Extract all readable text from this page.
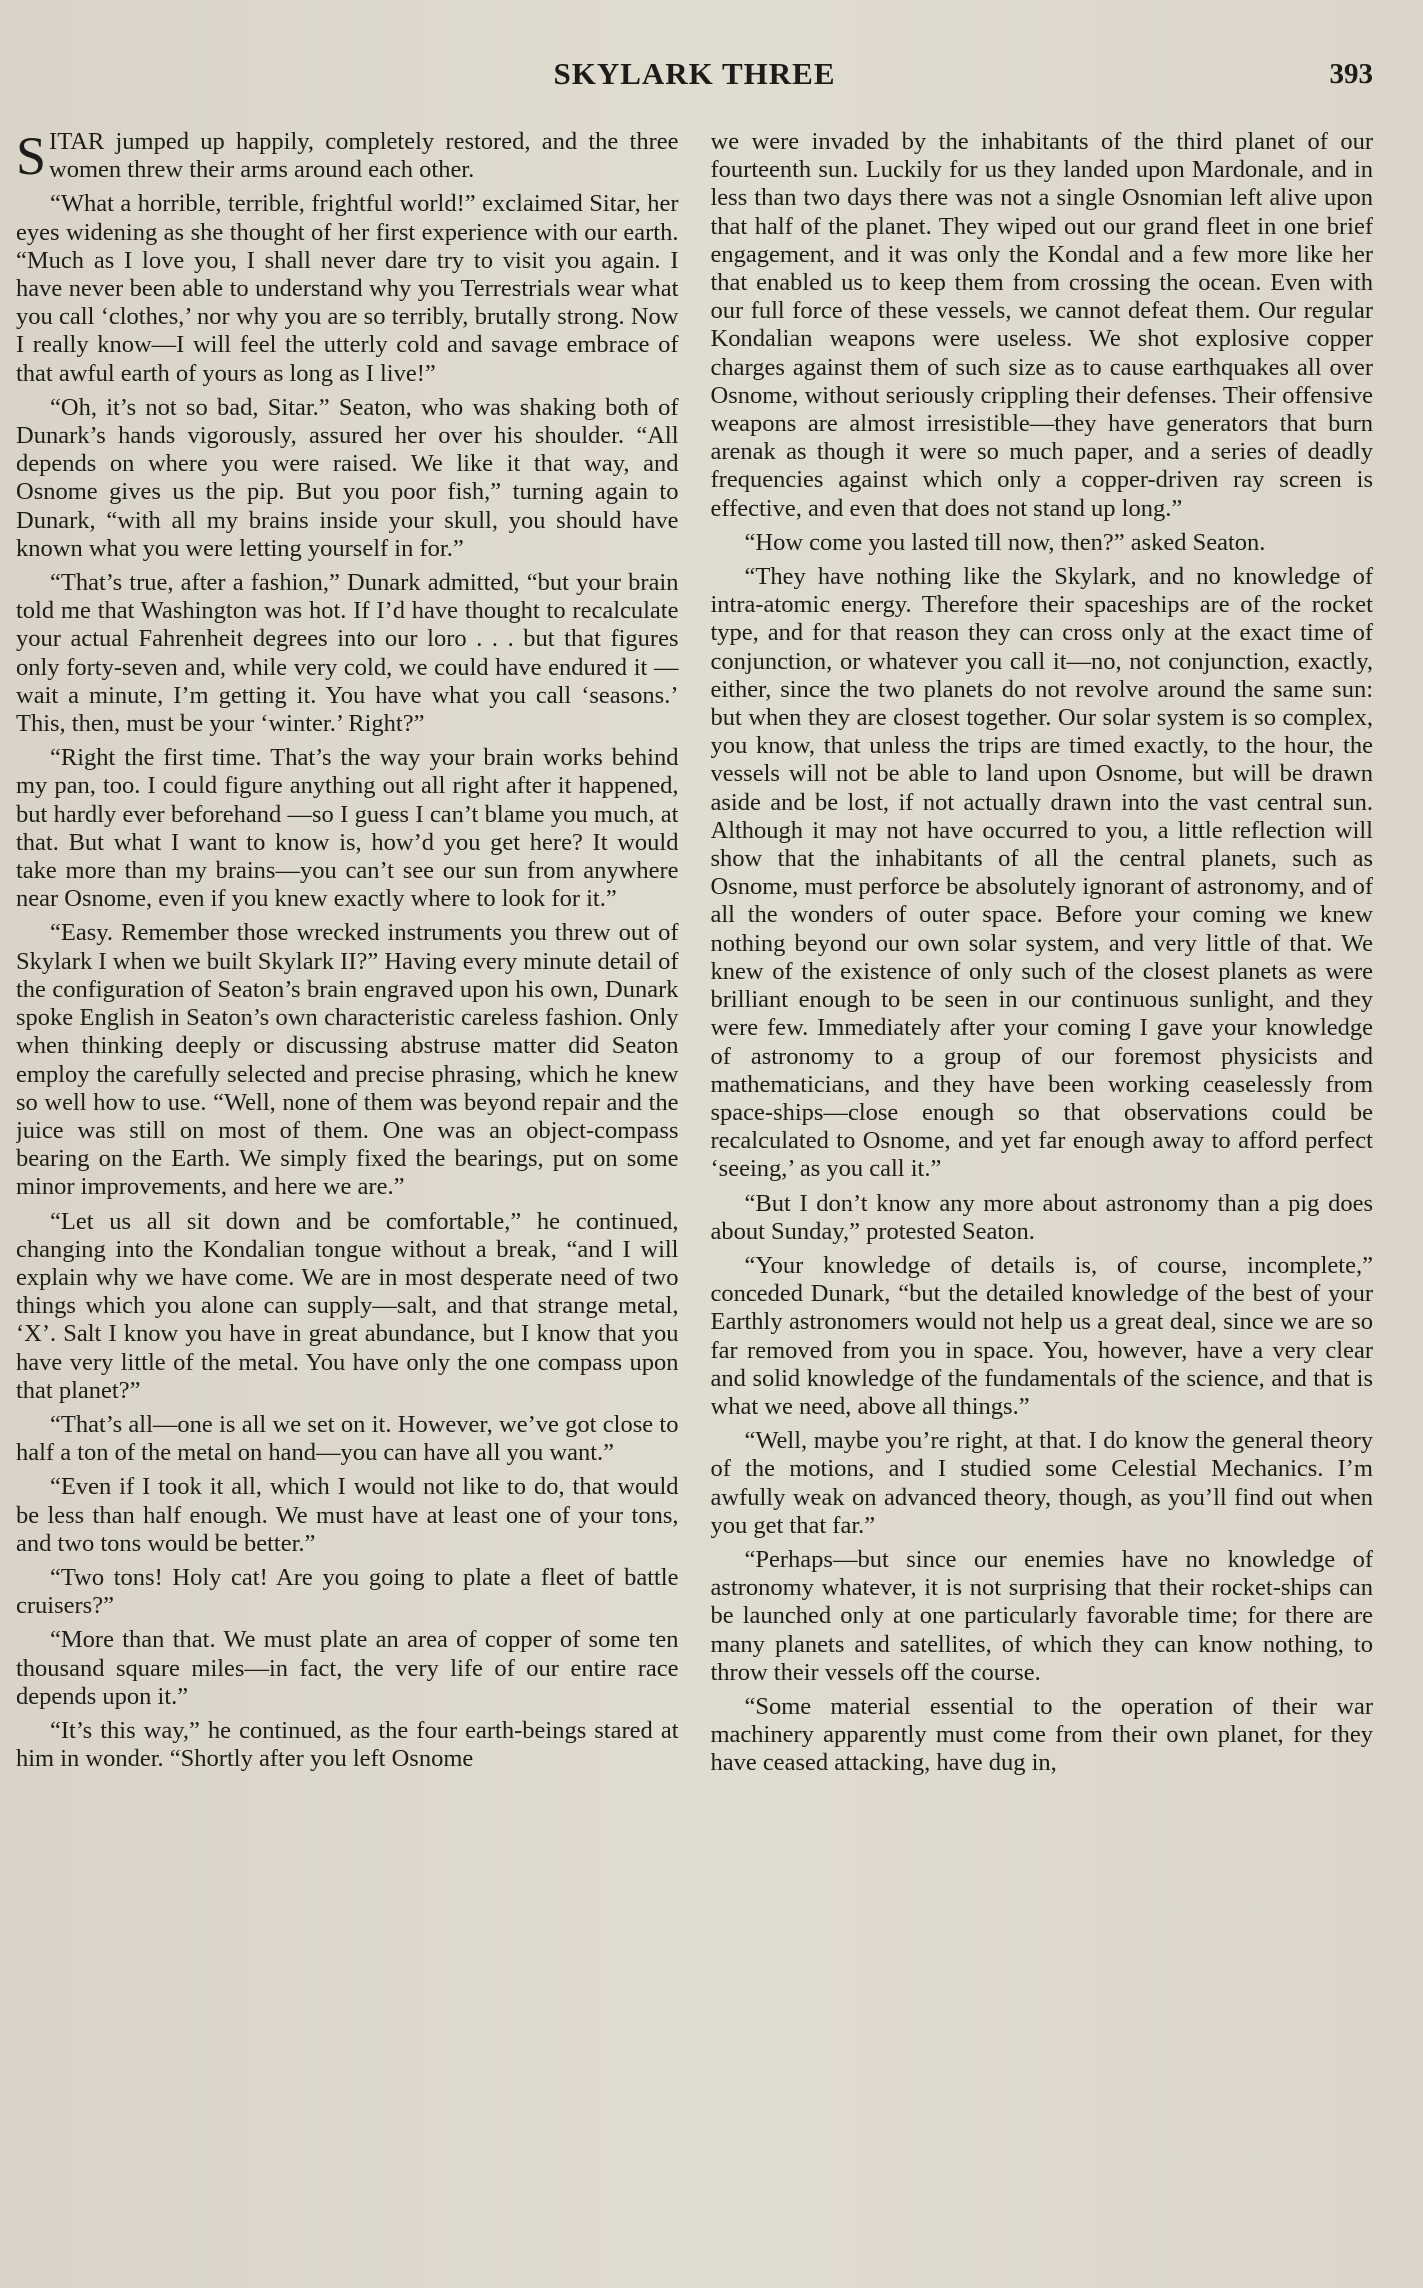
SKYLARK THREE	393

SITAR jumped up happily, completely restored, and the three women threw their arms around each other.

“What a horrible, terrible, frightful world!” exclaimed Sitar, her eyes widening as she thought of her first experience with our earth. “Much as I love you, I shall never dare try to visit you again. I have never been able to understand why you Terrestrials wear what you call ‘clothes,’ nor why you are so terribly, brutally strong. Now I really know—I will feel the utterly cold and savage embrace of that awful earth of yours as long as I live!”

“Oh, it’s not so bad, Sitar.” Seaton, who was shaking both of Dunark’s hands vigorously, assured her over his shoulder. “All depends on where you were raised. We like it that way, and Osnome gives us the pip. But you poor fish,” turning again to Dunark, “with all my brains inside your skull, you should have known what you were letting yourself in for.”

“That’s true, after a fashion,” Dunark admitted, “but your brain told me that Washington was hot. If I’d have thought to recalculate your actual Fahrenheit degrees into our loro . . . but that figures only forty-seven and, while very cold, we could have endured it —wait a minute, I’m getting it. You have what you call ‘seasons.’ This, then, must be your ‘winter.’ Right?”

“Right the first time. That’s the way your brain works behind my pan, too. I could figure anything out all right after it happened, but hardly ever beforehand —so I guess I can’t blame you much, at that. But what I want to know is, how’d you get here? It would take more than my brains—you can’t see our sun from anywhere near Osnome, even if you knew exactly where to look for it.”

“Easy. Remember those wrecked instruments you threw out of Skylark I when we built Skylark II?” Having every minute detail of the configuration of Seaton’s brain engraved upon his own, Dunark spoke English in Seaton’s own characteristic careless fashion. Only when thinking deeply or discussing abstruse matter did Seaton employ the carefully selected and precise phrasing, which he knew so well how to use. “Well, none of them was beyond repair and the juice was still on most of them. One was an object-compass bearing on the Earth. We simply fixed the bearings, put on some minor improvements, and here we are.”

“Let us all sit down and be comfortable,” he continued, changing into the Kondalian tongue without a break, “and I will explain why we have come. We are in most desperate need of two things which you alone can supply—salt, and that strange metal, ‘X’. Salt I know you have in great abundance, but I know that you have very little of the metal. You have only the one compass upon that planet?”

“That’s all—one is all we set on it. However, we’ve got close to half a ton of the metal on hand—you can have all you want.”

“Even if I took it all, which I would not like to do, that would be less than half enough. We must have at least one of your tons, and two tons would be better.”

“Two tons! Holy cat! Are you going to plate a fleet of battle cruisers?”

“More than that. We must plate an area of copper of some ten thousand square miles—in fact, the very life of our entire race depends upon it.”

“It’s this way,” he continued, as the four earth-beings stared at him in wonder. “Shortly after you left Osnome

we were invaded by the inhabitants of the third planet of our fourteenth sun. Luckily for us they landed upon Mardonale, and in less than two days there was not a single Osnomian left alive upon that half of the planet. They wiped out our grand fleet in one brief engagement, and it was only the Kondal and a few more like her that enabled us to keep them from crossing the ocean. Even with our full force of these vessels, we cannot defeat them. Our regular Kondalian weapons were useless. We shot explosive copper charges against them of such size as to cause earthquakes all over Osnome, without seriously crippling their defenses. Their offensive weapons are almost irresistible—they have generators that burn arenak as though it were so much paper, and a series of deadly frequencies against which only a copper-driven ray screen is effective, and even that does not stand up long.”

“How come you lasted till now, then?” asked Seaton.

“They have nothing like the Skylark, and no knowledge of intra-atomic energy. Therefore their spaceships are of the rocket type, and for that reason they can cross only at the exact time of conjunction, or whatever you call it—no, not conjunction, exactly, either, since the two planets do not revolve around the same sun: but when they are closest together. Our solar system is so complex, you know, that unless the trips are timed exactly, to the hour, the vessels will not be able to land upon Osnome, but will be drawn aside and be lost, if not actually drawn into the vast central sun. Although it may not have occurred to you, a little reflection will show that the inhabitants of all the central planets, such as Osnome, must perforce be absolutely ignorant of astronomy, and of all the wonders of outer space. Before your coming we knew nothing beyond our own solar system, and very little of that. We knew of the existence of only such of the closest planets as were brilliant enough to be seen in our continuous sunlight, and they were few. Immediately after your coming I gave your knowledge of astronomy to a group of our foremost physicists and mathematicians, and they have been working ceaselessly from space-ships—close enough so that observations could be recalculated to Osnome, and yet far enough away to afford perfect ‘seeing,’ as you call it.”

“But I don’t know any more about astronomy than a pig does about Sunday,” protested Seaton.

“Your knowledge of details is, of course, incomplete,” conceded Dunark, “but the detailed knowledge of the best of your Earthly astronomers would not help us a great deal, since we are so far removed from you in space. You, however, have a very clear and solid knowledge of the fundamentals of the science, and that is what we need, above all things.”

“Well, maybe you’re right, at that. I do know the general theory of the motions, and I studied some Celestial Mechanics. I’m awfully weak on advanced theory, though, as you’ll find out when you get that far.”

“Perhaps—but since our enemies have no knowledge of astronomy whatever, it is not surprising that their rocket-ships can be launched only at one particularly favorable time; for there are many planets and satellites, of which they can know nothing, to throw their vessels off the course.

“Some material essential to the operation of their war machinery apparently must come from their own planet, for they have ceased attacking, have dug in,
